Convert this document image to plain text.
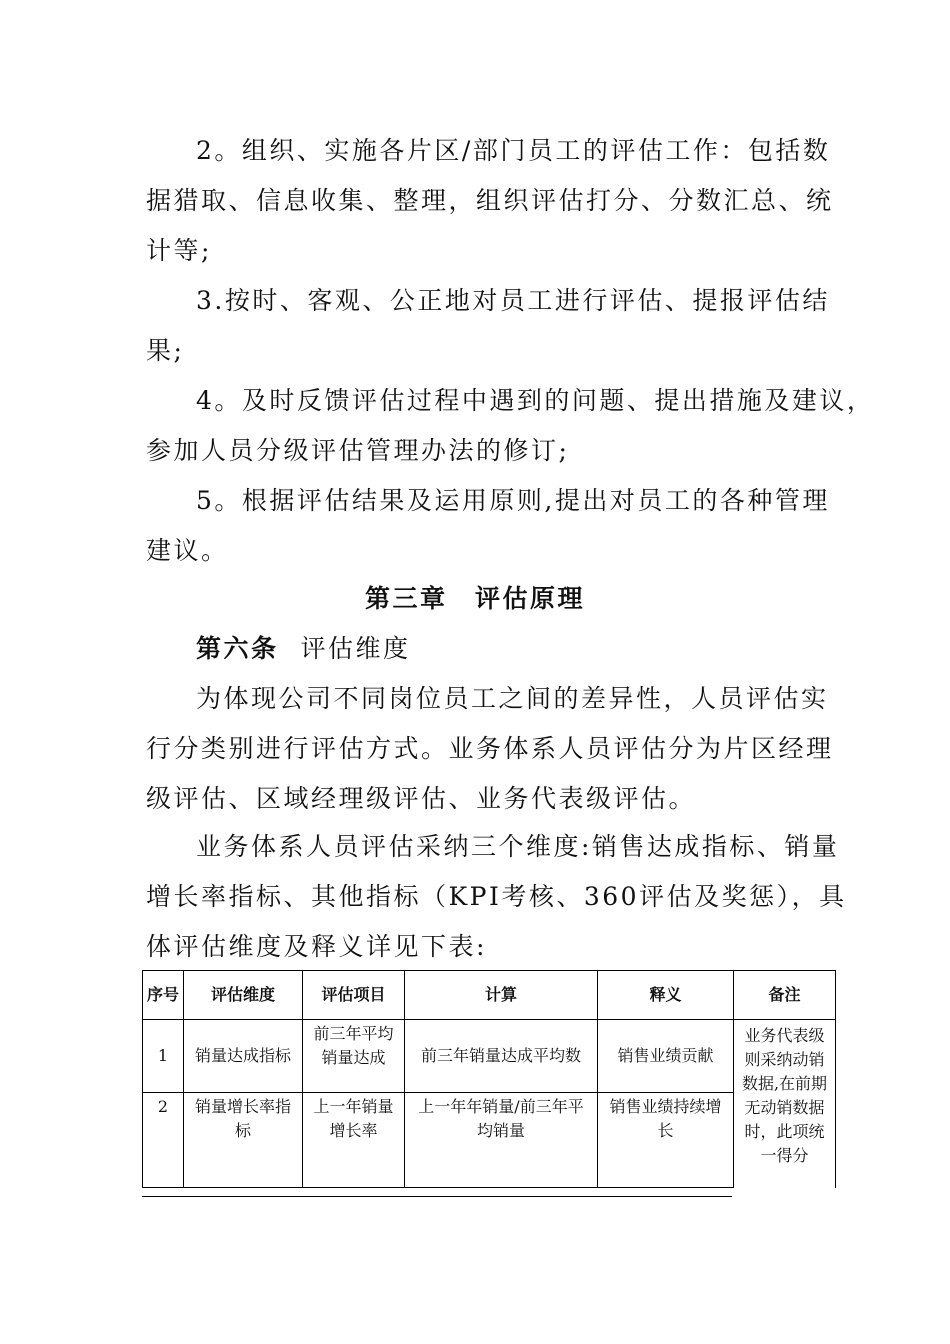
2。组织、实施各片区/部门员工的评估工作：包括数
据猎取、信息收集、整理，组织评估打分、分数汇总、统
计等;
3.按时、客观、公正地对员工进行评估、提报评估结
果;
4。及时反馈评估过程中遇到的问题、提出措施及建议，
参加人员分级评估管理办法的修订;
5。根据评估结果及运用原则,提出对员工的各种管理
建议。
第三章　评估原理
第六条 评估维度
为体现公司不同岗位员工之间的差异性，人员评估实
行分类别进行评估方式。业务体系人员评估分为片区经理
级评估、区域经理级评估、业务代表级评估。
业务体系人员评估采纳三个维度:销售达成指标、销量
增长率指标、其他指标（KPI考核、360评估及奖惩），具
体评估维度及释义详见下表:
序号	评估维度	评估项目	计算	释义	备注
1	销量达成指标	前三年平均销量达成	前三年销量达成平均数	销售业绩贡献	业务代表级则采纳动销数据,在前期无动销数据时，此项统一得分
2	销量增长率指标	上一年销量增长率	上一年年销量/前三年平均销量	销售业绩持续增长	
